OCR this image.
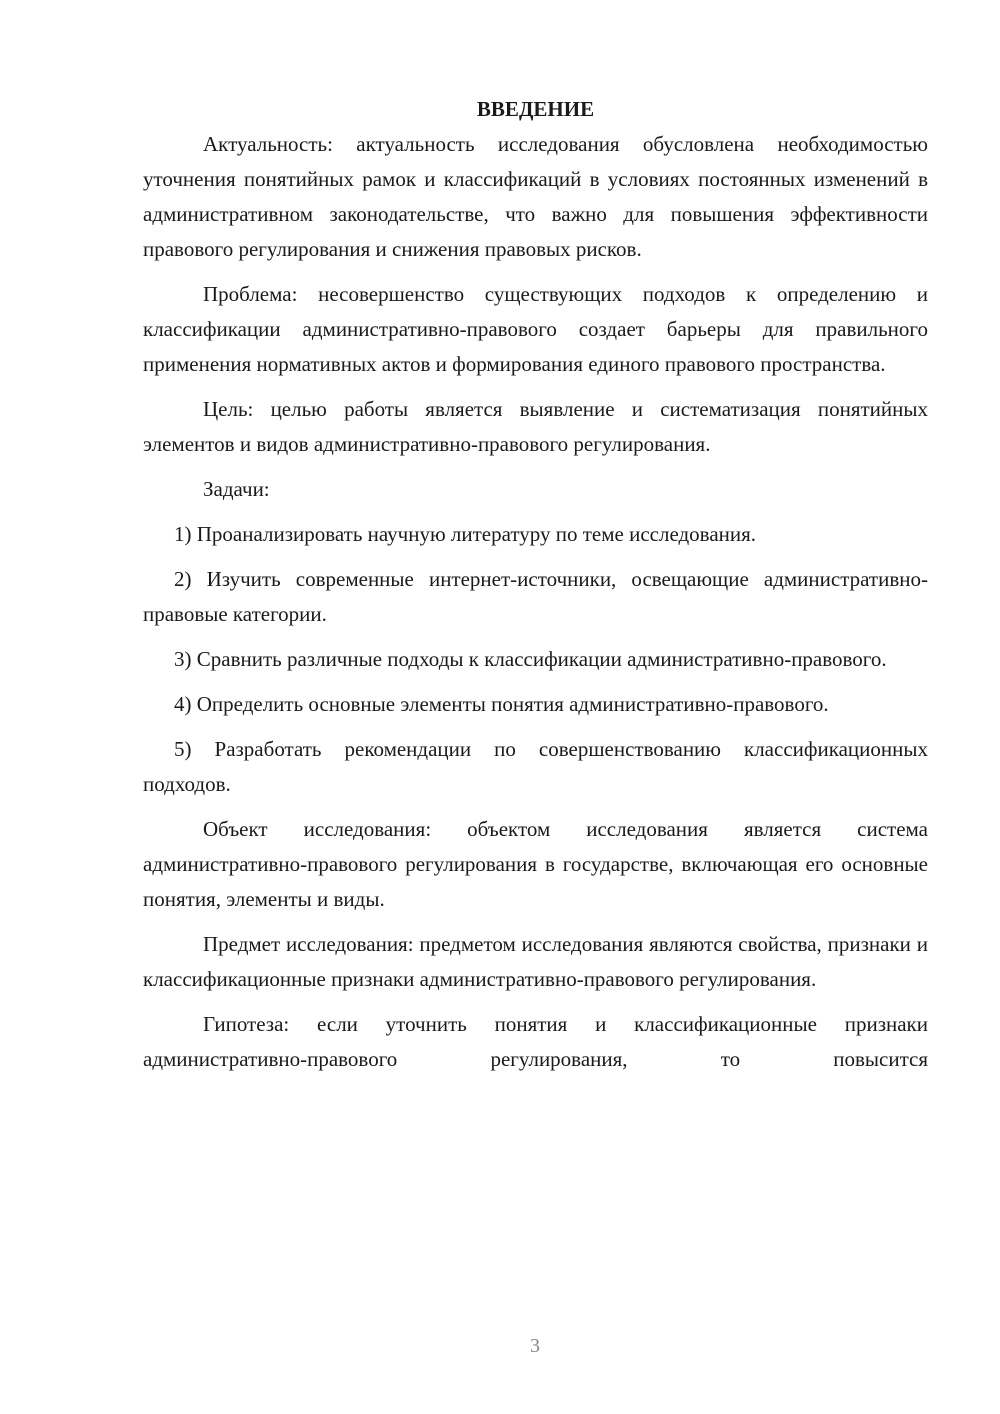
ВВЕДЕНИЕ

Актуальность: актуальность исследования обусловлена необходимостью уточнения понятийных рамок и классификаций в условиях постоянных изменений в административном законодательстве, что важно для повышения эффективности правового регулирования и снижения правовых рисков.

Проблема: несовершенство существующих подходов к определению и классификации административно-правового создает барьеры для правильного применения нормативных актов и формирования единого правового пространства.

Цель: целью работы является выявление и систематизация понятийных элементов и видов административно-правового регулирования.

Задачи:

1) Проанализировать научную литературу по теме исследования.

2) Изучить современные интернет-источники, освещающие административно-правовые категории.

3) Сравнить различные подходы к классификации административно-правового.

4) Определить основные элементы понятия административно-правового.

5) Разработать рекомендации по совершенствованию классификационных подходов.

Объект исследования: объектом исследования является система административно-правового регулирования в государстве, включающая его основные понятия, элементы и виды.

Предмет исследования: предметом исследования являются свойства, признаки и классификационные признаки административно-правового регулирования.

Гипотеза: если уточнить понятия и классификационные признаки административно-правового регулирования, то повысится

3
